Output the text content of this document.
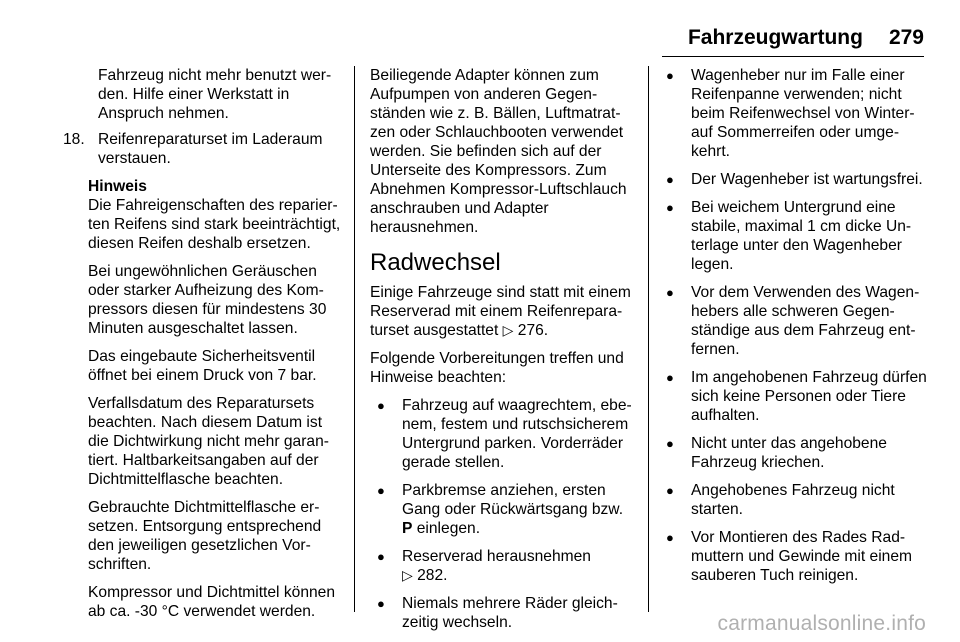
Fahrzeugwartung 279

Fahrzeug nicht mehr benutzt werden. Hilfe einer Werkstatt in Anspruch nehmen.

18. Reifenreparaturset im Laderaum verstauen.

Hinweis

Die Fahreigenschaften des reparierten Reifens sind stark beeinträchtigt, diesen Reifen deshalb ersetzen.

Bei ungewöhnlichen Geräuschen oder starker Aufheizung des Kompressors diesen für mindestens 30 Minuten ausgeschaltet lassen.

Das eingebaute Sicherheitsventil öffnet bei einem Druck von 7 bar.

Verfallsdatum des Reparatursets beachten. Nach diesem Datum ist die Dichtwirkung nicht mehr garantiert. Haltbarkeitsangaben auf der Dichtmittelflasche beachten.

Gebrauchte Dichtmittelflasche ersetzen. Entsorgung entsprechend den jeweiligen gesetzlichen Vorschriften.

Kompressor und Dichtmittel können ab ca. -30 °C verwendet werden.

Beiliegende Adapter können zum Aufpumpen von anderen Gegenständen wie z. B. Bällen, Luftmatratzen oder Schlauchbooten verwendet werden. Sie befinden sich auf der Unterseite des Kompressors. Zum Abnehmen Kompressor-Luftschlauch anschrauben und Adapter herausnehmen.

Radwechsel

Einige Fahrzeuge sind statt mit einem Reserverad mit einem Reifenreparaturset ausgestattet ▷ 276.

Folgende Vorbereitungen treffen und Hinweise beachten:

●	Fahrzeug auf waagrechtem, ebenem, festem und rutschsicherem Untergrund parken. Vorderräder gerade stellen.
●	Parkbremse anziehen, ersten Gang oder Rückwärtsgang bzw.
P einlegen.
●	Reserverad herausnehmen
▷ 282.
●	Niemals mehrere Räder gleichzeitig wechseln.
●	Wagenheber nur im Falle einer Reifenpanne verwenden; nicht beim Reifenwechsel von Winter- auf Sommerreifen oder umgekehrt.
●	Der Wagenheber ist wartungsfrei.
●	Bei weichem Untergrund eine stabile, maximal 1 cm dicke Unterlage unter den Wagenheber legen.
●	Vor dem Verwenden des Wagenhebers alle schweren Gegenständige aus dem Fahrzeug entfernen.
●	Im angehobenen Fahrzeug dürfen sich keine Personen oder Tiere aufhalten.
●	Nicht unter das angehobene Fahrzeug kriechen.
●	Angehobenes Fahrzeug nicht starten.
●	Vor Montieren des Rades Radmuttern und Gewinde mit einem sauberen Tuch reinigen.
carmanualsonline.info
